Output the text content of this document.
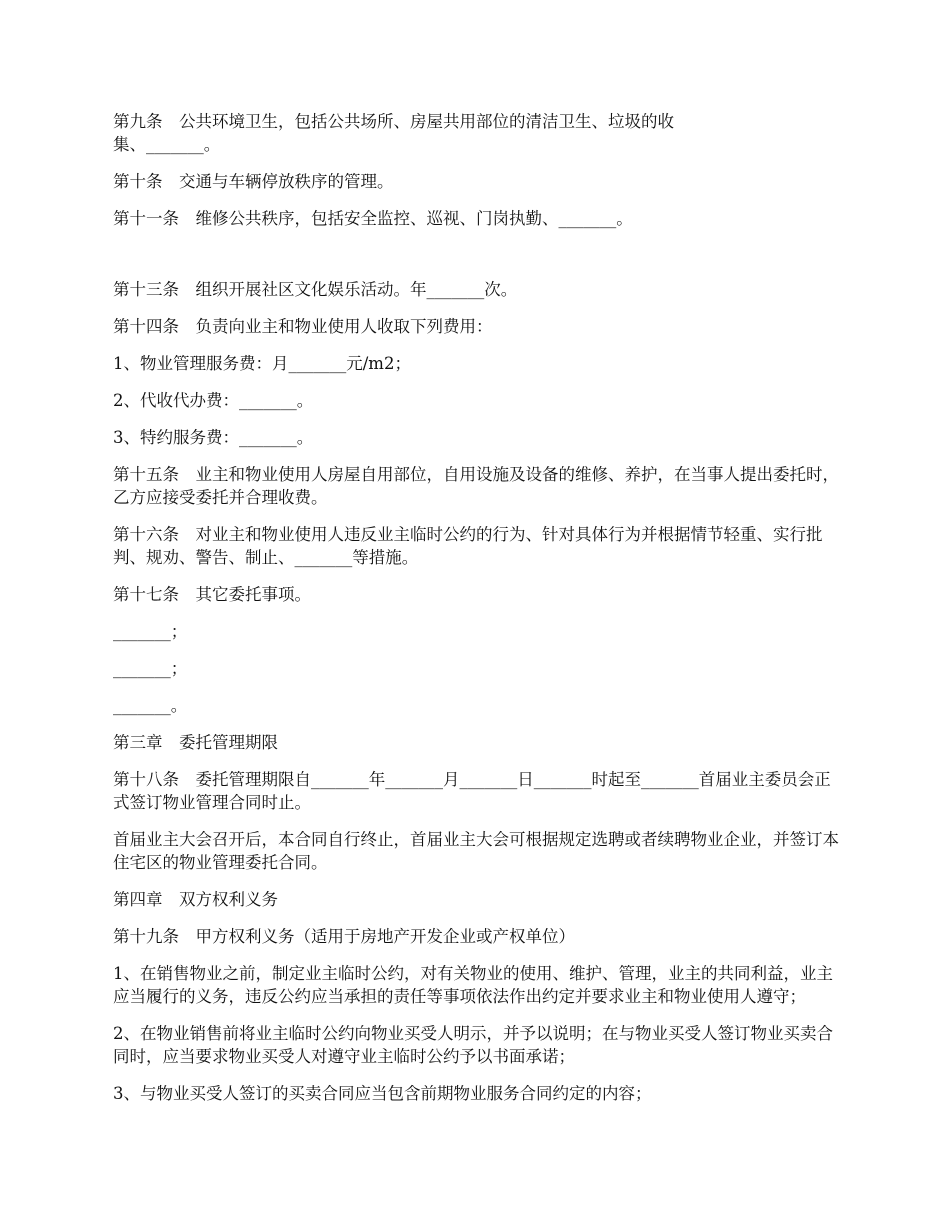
第九条　公共环境卫生，包括公共场所、房屋共用部位的清洁卫生、垃圾的收
集、_______。

第十条　交通与车辆停放秩序的管理。

第十一条　维修公共秩序，包括安全监控、巡视、门岗执勤、_______。

第十三条　组织开展社区文化娱乐活动。年_______次。

第十四条　负责向业主和物业使用人收取下列费用：

1、物业管理服务费：月_______元/m2；

2、代收代办费：_______。

3、特约服务费：_______。

第十五条　业主和物业使用人房屋自用部位，自用设施及设备的维修、养护，在当事人提出委托时，乙方应接受委托并合理收费。

第十六条　对业主和物业使用人违反业主临时公约的行为、针对具体行为并根据情节轻重、实行批判、规劝、警告、制止、_______等措施。

第十七条　其它委托事项。

_______；

_______；

_______。

第三章　委托管理期限

第十八条　委托管理期限自_______年_______月_______日_______时起至_______首届业主委员会正式签订物业管理合同时止。

首届业主大会召开后，本合同自行终止，首届业主大会可根据规定选聘或者续聘物业企业，并签订本住宅区的物业管理委托合同。

第四章　双方权利义务

第十九条　甲方权利义务（适用于房地产开发企业或产权单位）

1、在销售物业之前，制定业主临时公约，对有关物业的使用、维护、管理，业主的共同利益，业主应当履行的义务，违反公约应当承担的责任等事项依法作出约定并要求业主和物业使用人遵守；

2、在物业销售前将业主临时公约向物业买受人明示，并予以说明；在与物业买受人签订物业买卖合同时，应当要求物业买受人对遵守业主临时公约予以书面承诺；

3、与物业买受人签订的买卖合同应当包含前期物业服务合同约定的内容；
